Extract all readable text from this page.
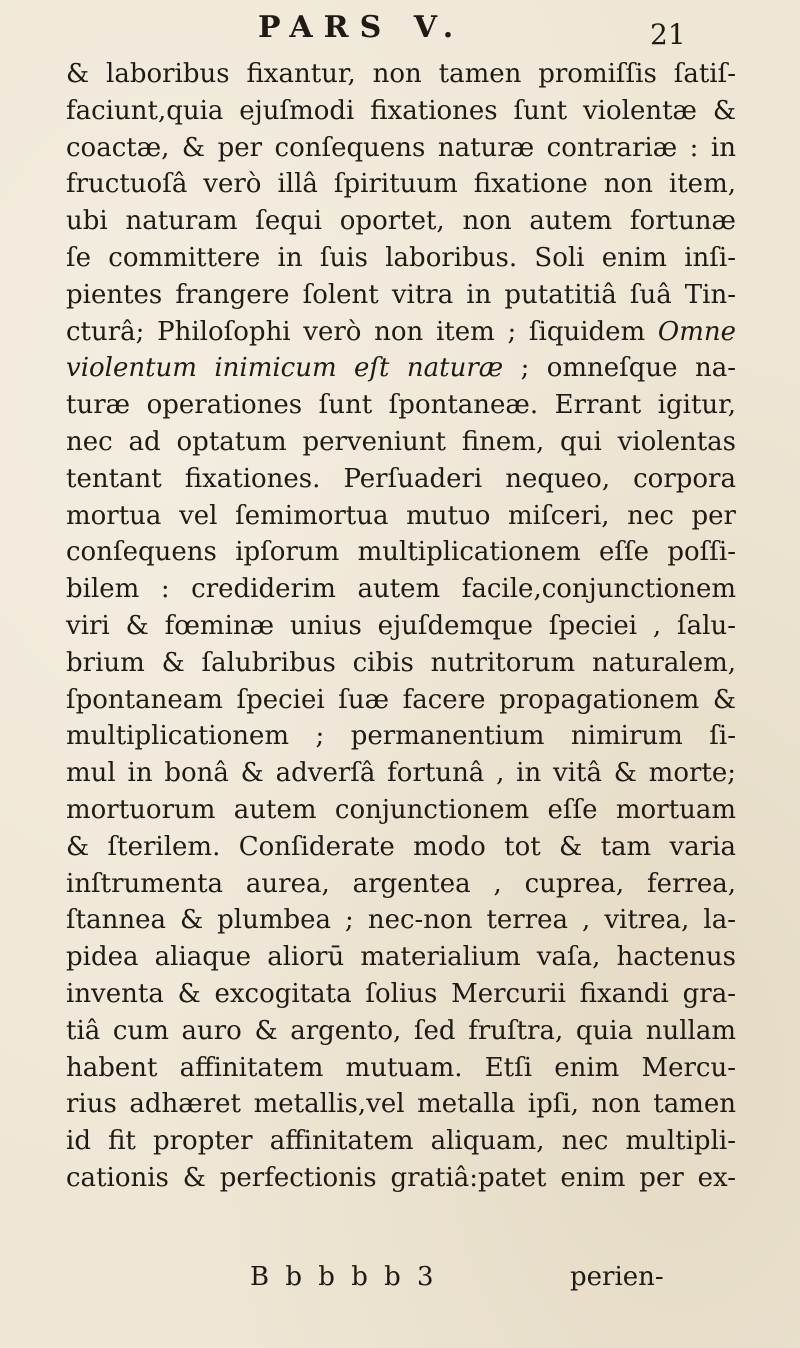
PARS V.	21
& laboribus fixantur, non tamen promiſſis ſatiſ-
faciunt,quia ejuſmodi fixationes ſunt violentæ &
coactæ, & per conſequens naturæ contrariæ : in
fructuoſâ verò illâ ſpirituum fixatione non item,
ubi naturam ſequi oportet, non autem fortunæ
ſe committere in ſuis laboribus. Soli enim inſi-
pientes frangere ſolent vitra in putatitiâ ſuâ Tin-
cturâ; Philoſophi verò non item ; ſiquidem Omne
violentum inimicum eſt naturæ ; omneſque na-
turæ operationes ſunt ſpontaneæ. Errant igitur,
nec ad optatum perveniunt finem, qui violentas
tentant fixationes. Perſuaderi nequeo, corpora
mortua vel ſemimortua mutuo miſceri, nec per
conſequens ipſorum multiplicationem eſſe poſſi-
bilem : crediderim autem facile,conjunctionem
viri & fœminæ unius ejuſdemque ſpeciei , ſalu-
brium & ſalubribus cibis nutritorum naturalem,
ſpontaneam ſpeciei ſuæ facere propagationem &
multiplicationem ; permanentium nimirum ſi-
mul in bonâ & adverſâ fortunâ , in vitâ & morte;
mortuorum autem conjunctionem eſſe mortuam
& ſterilem. Conſiderate modo tot & tam varia
inſtrumenta aurea, argentea , cuprea, ferrea,
ſtannea & plumbea ; nec-non terrea , vitrea, la-
pidea aliaque aliorū materialium vaſa, hactenus
inventa & excogitata ſolius Mercurii fixandi gra-
tiâ cum auro & argento, ſed fruſtra, quia nullam
habent affinitatem mutuam. Etſi enim Mercu-
rius adhæret metallis,vel metalla ipſi, non tamen
id fit propter affinitatem aliquam, nec multipli-
cationis & perfectionis gratiâ:patet enim per ex-
B b b b b 3	perien-
